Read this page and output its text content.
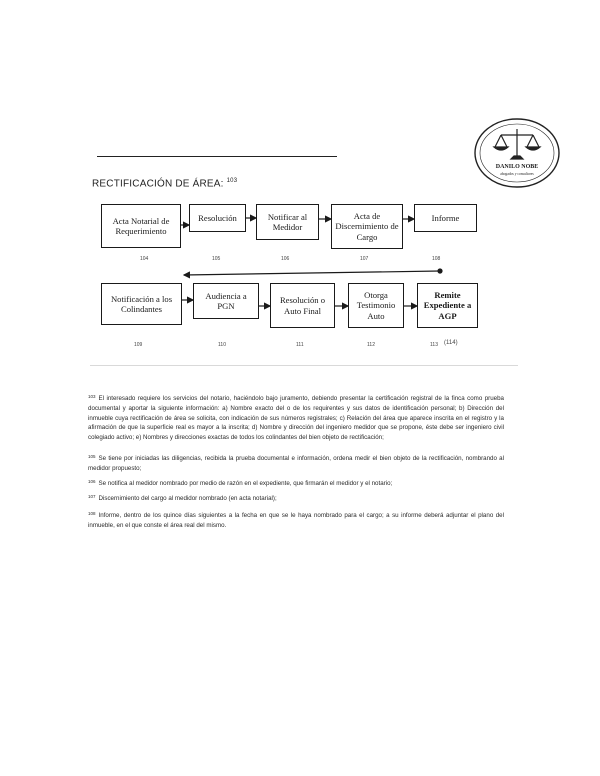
DANILO NOBE
abogados y consultores
RECTIFICACIÓN DE ÁREA: $^{103}$
Acta Notarial de Requerimiento
104
Resolución
105
Notificar al Medidor
106
Acta de Discernimiento de Cargo
107
Informe
108
Notificación a los Colindantes
109
Audiencia a PGN
110
Resolución o Auto Final
111
Otorga Testimonio Auto
112
Remite Expediente a AGP
113 (114)
$^{103}$ El interesado requiere los servicios del notario, haciéndolo bajo juramento, debiendo presentar la certificación registral de la finca como prueba documental y aportar la siguiente información: a) Nombre exacto del o de los requirentes y sus datos de identificación personal; b) Dirección del inmueble cuya rectificación de área se solicita, con indicación de sus números registrales; c) Relación del área que aparece inscrita en el registro y la afirmación de que la superficie real es mayor a la inscrita; d) Nombre y dirección del ingeniero medidor que se propone, éste debe ser ingeniero civil colegiado activo; e) Nombres y direcciones exactas de todos los colindantes del bien objeto de rectificación;
$^{105}$ Se tiene por iniciadas las diligencias, recibida la prueba documental e información, ordena medir el bien objeto de la rectificación, nombrando al medidor propuesto;
$^{106}$ Se notifica al medidor nombrado por medio de razón en el expediente, que firmarán el medidor y el notario;
$^{107}$ Discernimiento del cargo al medidor nombrado (en acta notarial);
$^{108}$ Informe, dentro de los quince días siguientes a la fecha en que se le haya nombrado para el cargo; a su informe deberá adjuntar el plano del inmueble, en el que conste el área real del mismo.
